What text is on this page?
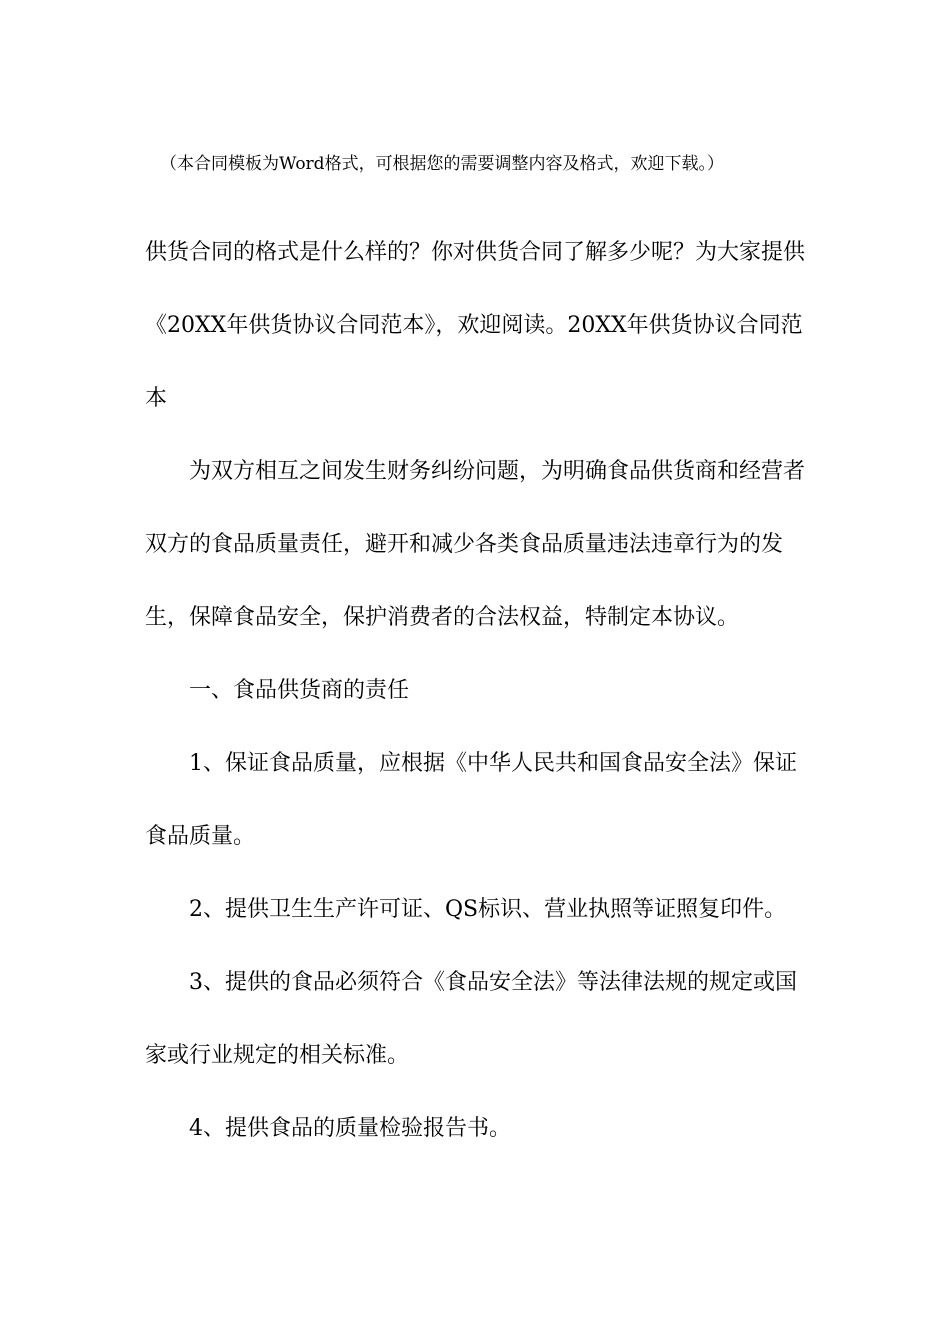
（本合同模板为Word格式，可根据您的需要调整内容及格式，欢迎下载。）

供货合同的格式是什么样的？你对供货合同了解多少呢？为大家提供《20XX年供货协议合同范本》，欢迎阅读。20XX年供货协议合同范本

为双方相互之间发生财务纠纷问题，为明确食品供货商和经营者双方的食品质量责任，避开和减少各类食品质量违法违章行为的发生，保障食品安全，保护消费者的合法权益，特制定本协议。

一、食品供货商的责任

1、保证食品质量，应根据《中华人民共和国食品安全法》保证食品质量。

2、提供卫生生产许可证、QS标识、营业执照等证照复印件。

3、提供的食品必须符合《食品安全法》等法律法规的规定或国家或行业规定的相关标准。

4、提供食品的质量检验报告书。
